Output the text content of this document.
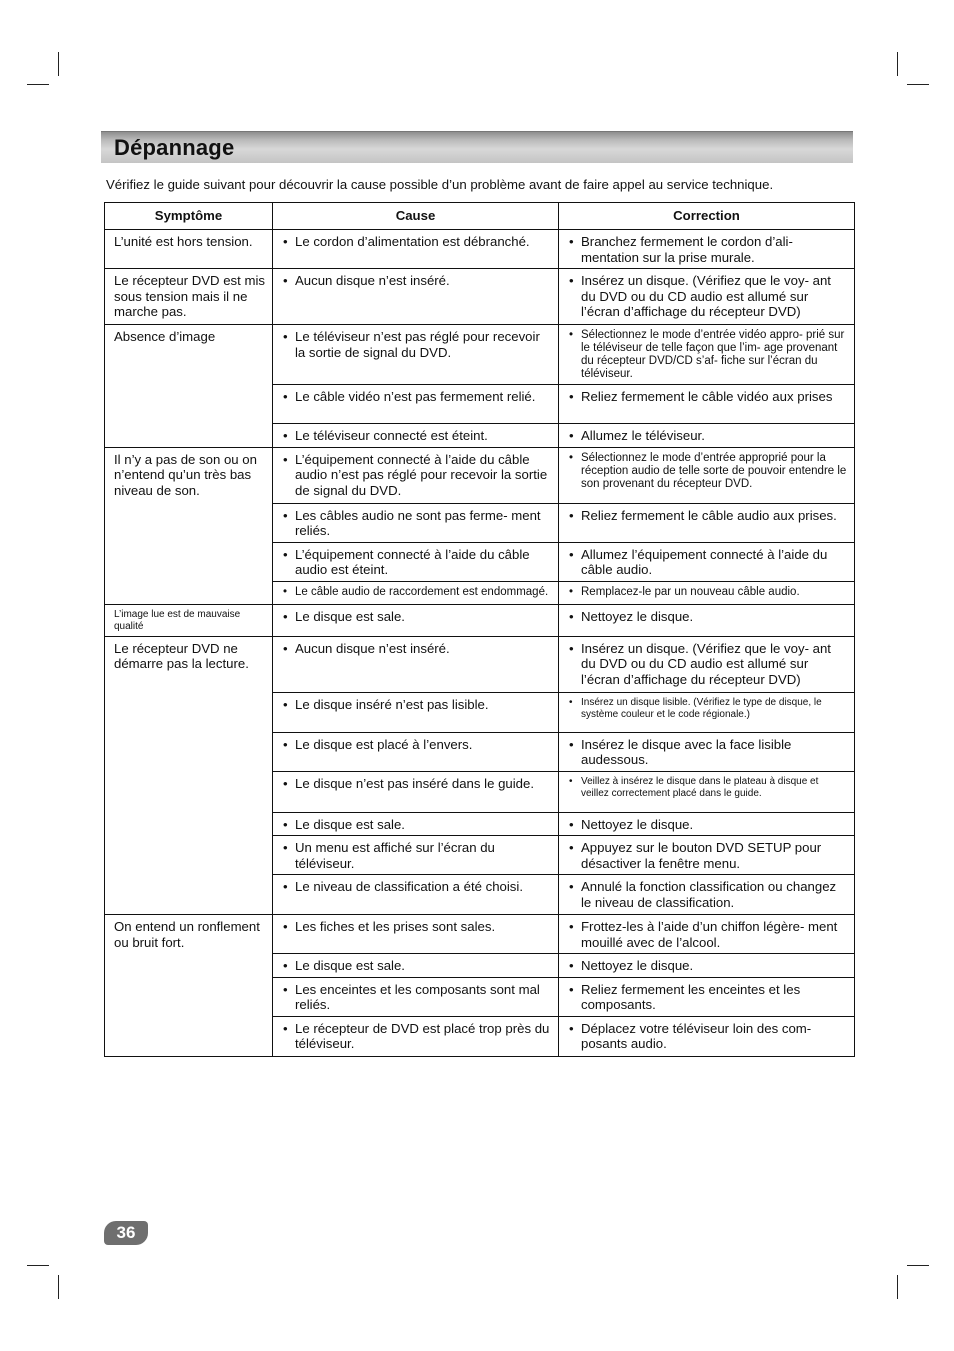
Dépannage
Vérifiez le guide suivant pour découvrir la cause possible d’un problème avant de faire appel au service technique.
Symptôme	Cause	Correction
L’unité est hors tension.	• Le cordon d’alimentation est débranché.	• Branchez fermement le cordon d’ali- mentation sur la prise murale.

Le récepteur DVD est mis sous tension mais il ne marche pas.	• Aucun disque n’est inséré.	• Insérez un disque. (Vérifiez que le voy- ant du DVD ou du CD audio est allumé sur l’écran d’affichage du récepteur DVD)

Absence d’image	• Le téléviseur n’est pas réglé pour recevoir la sortie de signal du DVD.	• Sélectionnez le mode d’entrée vidéo appro- prié sur le téléviseur de telle façon que l’im- age provenant du récepteur DVD/CD s’af- fiche sur l’écran du téléviseur.

	• Le câble vidéo n’est pas fermement relié.	• Reliez fermement le câble vidéo aux prises

	• Le téléviseur connecté est éteint.	• Allumez le téléviseur.

Il n’y a pas de son ou on n’entend qu’un très bas niveau de son.	• L’équipement connecté à l’aide du câble audio n’est pas réglé pour recevoir la sortie de signal du DVD.	• Sélectionnez le mode d’entrée approprié pour la réception audio de telle sorte de pouvoir entendre le son provenant du récepteur DVD.

	• Les câbles audio ne sont pas ferme- ment reliés.	• Reliez fermement le câble audio aux prises.

	• L’équipement connecté à l’aide du câble audio est éteint.	• Allumez l’équipement connecté à l’aide du câble audio.

	• Le câble audio de raccordement est endommagé.	• Remplacez-le par un nouveau câble audio.

L’image lue est de mauvaise qualité	• Le disque est sale.	• Nettoyez le disque.

Le récepteur DVD ne démarre pas la lecture.	• Aucun disque n’est inséré.	• Insérez un disque. (Vérifiez que le voy- ant du DVD ou du CD audio est allumé sur l’écran d’affichage du récepteur DVD)

	• Le disque inséré n’est pas lisible.	• Insérez un disque lisible. (Vérifiez le type de disque, le système couleur et le code régionale.)

	• Le disque est placé à l’envers.	• Insérez le disque avec la face lisible audessous.

	• Le disque n’est pas inséré dans le guide.	• Veillez à insérez le disque dans le plateau à disque et veillez correctement placé dans le guide.

	• Le disque est sale.	• Nettoyez le disque.

	• Un menu est affiché sur l’écran du téléviseur.	• Appuyez sur le bouton DVD SETUP pour désactiver la fenêtre menu.

	• Le niveau de classification a été choisi.	• Annulé la fonction classification ou changez le niveau de classification.

On entend un ronflement ou bruit fort.	• Les fiches et les prises sont sales.	• Frottez-les à l’aide d’un chiffon légère- ment mouillé avec de l’alcool.

	• Le disque est sale.	• Nettoyez le disque.

	• Les enceintes et les composants sont mal reliés.	• Reliez fermement les enceintes et les composants.

	• Le récepteur de DVD est placé trop près du téléviseur.	• Déplacez votre téléviseur loin des com- posants audio.
36
